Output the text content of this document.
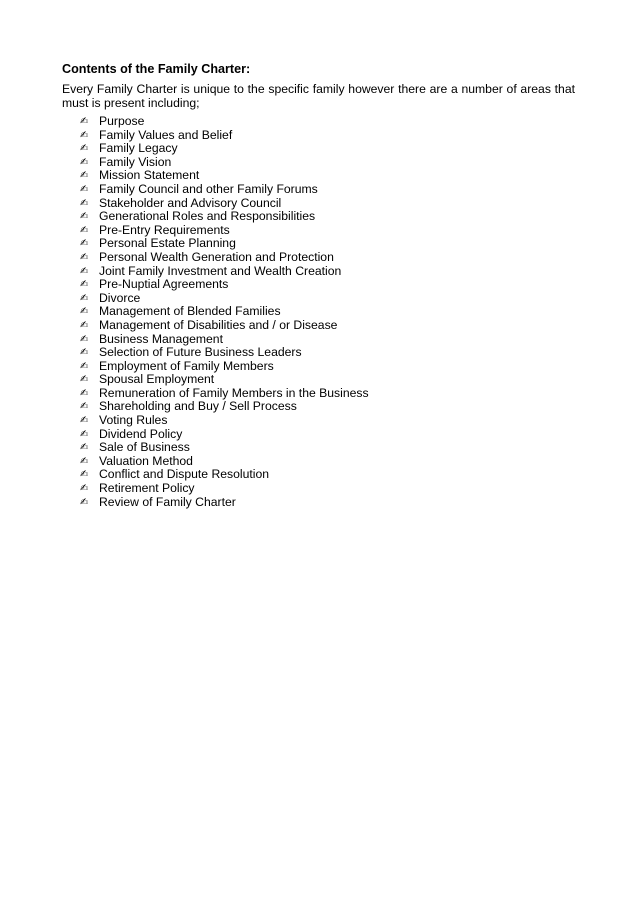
Contents of the Family Charter:
Every Family Charter is unique to the specific family however there are a number of areas that must is present including;
✍ Purpose
✍ Family Values and Belief
✍ Family Legacy
✍ Family Vision
✍ Mission Statement
✍ Family Council and other Family Forums
✍ Stakeholder and Advisory Council
✍ Generational Roles and Responsibilities
✍ Pre-Entry Requirements
✍ Personal Estate Planning
✍ Personal Wealth Generation and Protection
✍ Joint Family Investment and Wealth Creation
✍ Pre-Nuptial Agreements
✍ Divorce
✍ Management of Blended Families
✍ Management of Disabilities and / or Disease
✍ Business Management
✍ Selection of Future Business Leaders
✍ Employment of Family Members
✍ Spousal Employment
✍ Remuneration of Family Members in the Business
✍ Shareholding and Buy / Sell Process
✍ Voting Rules
✍ Dividend Policy
✍ Sale of Business
✍ Valuation Method
✍ Conflict and Dispute Resolution
✍ Retirement Policy
✍ Review of Family Charter
